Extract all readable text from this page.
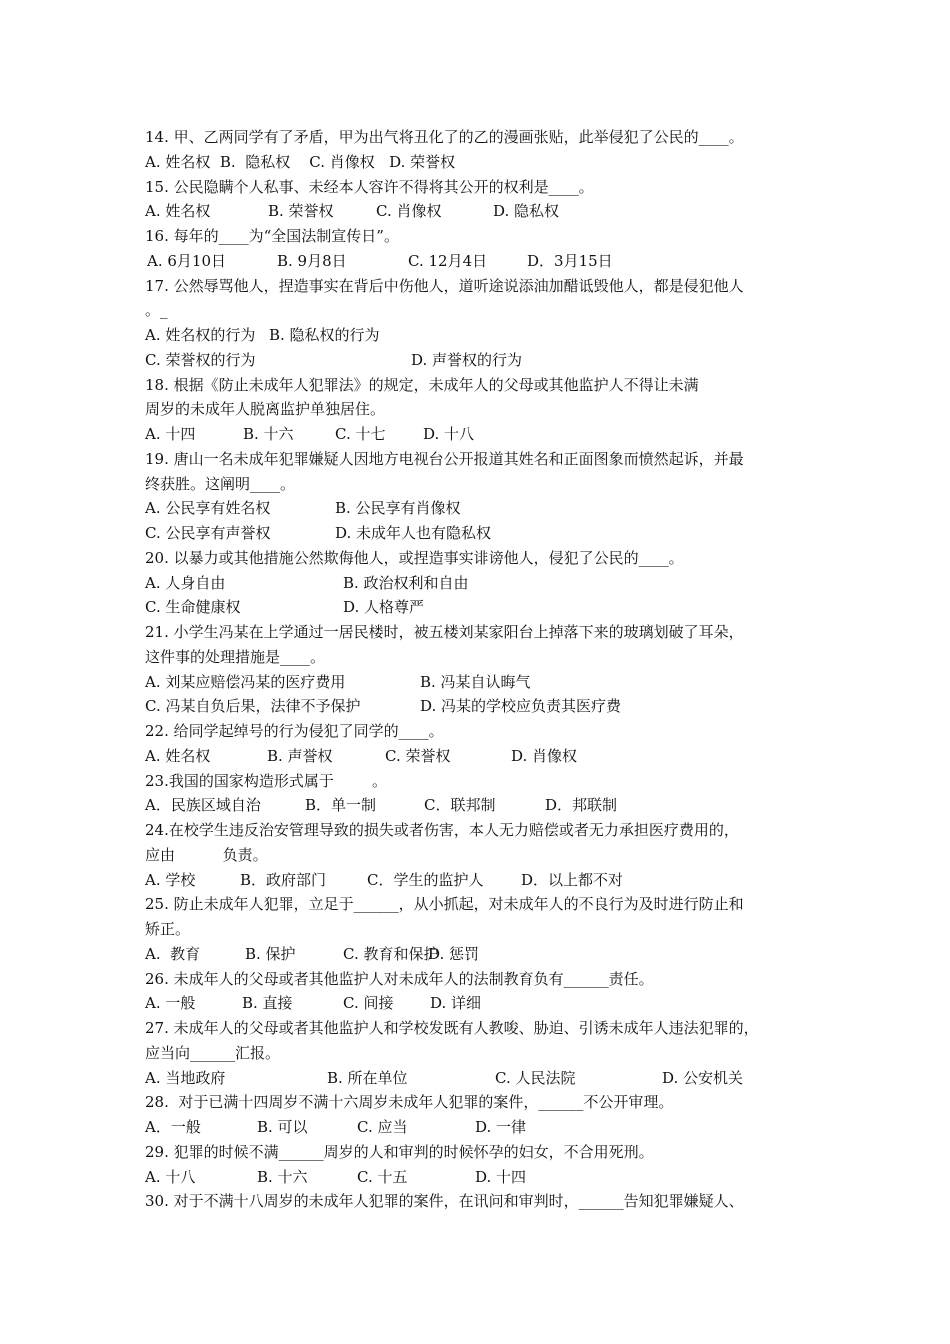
14. 甲、乙两同学有了矛盾，甲为出气将丑化了的乙的漫画张贴，此举侵犯了公民的____。
A. 姓名权  B.  隐私权    C. 肖像权   D. 荣誉权
15. 公民隐瞒个人私事、未经本人容许不得将其公开的权利是____。
A. 姓名权	B. 荣誉权	C. 肖像权	D. 隐私权
16. 每年的____为“全国法制宣传日”。
A. 6月10日	B. 9月8日	C. 12月4日	D．3月15日
17. 公然辱骂他人，捏造事实在背后中伤他人，道听途说添油加醋诋毁他人，都是侵犯他人
。_
A. 姓名权的行为 B. 隐私权的行为
C. 荣誉权的行为	D. 声誉权的行为
18. 根据《防止未成年人犯罪法》的规定，未成年人的父母或其他监护人不得让未满
周岁的未成年人脱离监护单独居住。
A. 十四	B. 十六	C. 十七	D. 十八
19. 唐山一名未成年犯罪嫌疑人因地方电视台公开报道其姓名和正面图象而愤然起诉，并最
终获胜。这阐明____。
A. 公民享有姓名权	B. 公民享有肖像权
C. 公民享有声誉权	D. 未成年人也有隐私权
20. 以暴力或其他措施公然欺侮他人，或捏造事实诽谤他人，侵犯了公民的____。
A. 人身自由	B. 政治权利和自由
C. 生命健康权	D. 人格尊严
21. 小学生冯某在上学通过一居民楼时，被五楼刘某家阳台上掉落下来的玻璃划破了耳朵，
这件事的处理措施是____。
A. 刘某应赔偿冯某的医疗费用	B. 冯某自认晦气
C. 冯某自负后果，法律不予保护	D. 冯某的学校应负责其医疗费
22. 给同学起绰号的行为侵犯了同学的____。
A. 姓名权	B. 声誉权	C. 荣誉权	D. 肖像权
23.我国的国家构造形式属于        。
A．民族区域自治	B．单一制	C．联邦制	D．邦联制
24.在校学生违反治安管理导致的损失或者伤害，本人无力赔偿或者无力承担医疗费用的，
应由          负责。
A. 学校	B．政府部门	C．学生的监护人	D．以上都不对
25. 防止未成年人犯罪，立足于______，从小抓起，对未成年人的不良行为及时进行防止和
矫正。
A.  教育	B. 保护	C. 教育和保护
D. 惩罚
26. 未成年人的父母或者其他监护人对未成年人的法制教育负有______责任。
A. 一般	B. 直接	C. 间接 D. 详细
27. 未成年人的父母或者其他监护人和学校发既有人教唆、胁迫、引诱未成年人违法犯罪的，
应当向______汇报。
A. 当地政府	B. 所在单位	C. 人民法院	D. 公安机关
28.  对于已满十四周岁不满十六周岁未成年人犯罪的案件，______不公开审理。
A．一般	B. 可以	C. 应当	D. 一律
29. 犯罪的时候不满______周岁的人和审判的时候怀孕的妇女，不合用死刑。
A. 十八	B. 十六	C. 十五	D. 十四
30. 对于不满十八周岁的未成年人犯罪的案件，在讯问和审判时，______告知犯罪嫌疑人、
